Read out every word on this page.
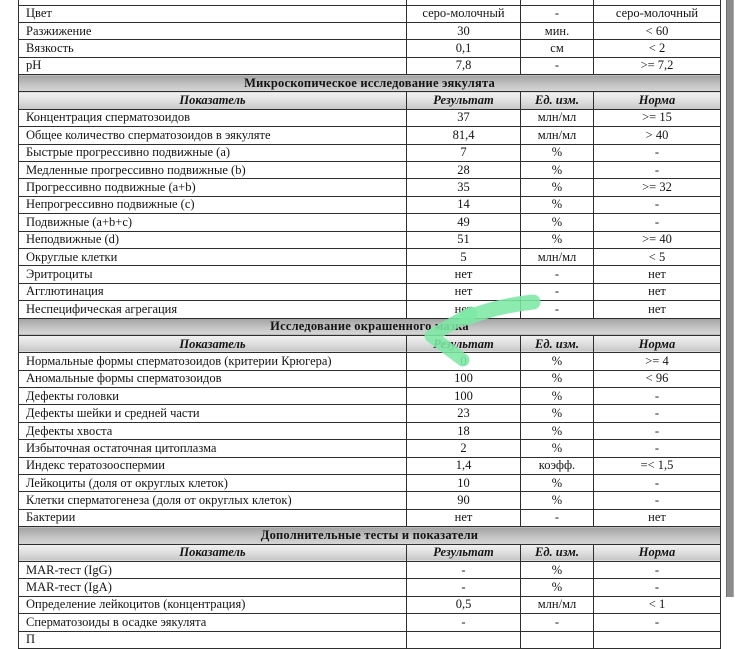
Цвет	серо-молочный	-	серо-молочный
Разжижение	30	мин.	< 60
Вязкость	0,1	см	< 2
pH	7,8	-	>= 7,2
Микроскопическое исследование эякулята			
Показатель	Результат	Ед. изм.	Норма
Концентрация сперматозоидов	37	млн/мл	>= 15
Общее количество сперматозоидов в эякуляте	81,4	млн/мл	> 40
Быстрые прогрессивно подвижные (a)	7	%	-
Медленные прогрессивно подвижные (b)	28	%	-
Прогрессивно подвижные (a+b)	35	%	>= 32
Непрогрессивно подвижные (c)	14	%	-
Подвижные (a+b+c)	49	%	-
Неподвижные (d)	51	%	>= 40
Округлые клетки	5	млн/мл	< 5
Эритроциты	нет	-	нет
Агглютинация	нет	-	нет
Неспецифическая агрегация	нет	-	нет
Исследование окрашенного мазка			
Показатель	Результат	Ед. изм.	Норма
Нормальные формы сперматозоидов (критерии Крюгера)	0	%	>= 4
Аномальные формы сперматозоидов	100	%	< 96
Дефекты головки	100	%	-
Дефекты шейки и средней части	23	%	-
Дефекты хвоста	18	%	-
Избыточная остаточная цитоплазма	2	%	-
Индекс тератозооспермии	1,4	коэфф.	=< 1,5
Лейкоциты (доля от округлых клеток)	10	%	-
Клетки сперматогенеза (доля от округлых клеток)	90	%	-
Бактерии	нет	-	нет
Дополнительные тесты и показатели			
Показатель	Результат	Ед. изм.	Норма
MAR-тест (IgG)	-	%	-
MAR-тест (IgA)	-	%	-
Определение лейкоцитов (концентрация)	0,5	млн/мл	< 1
Сперматозоиды в осадке эякулята	-	-	-
П			
